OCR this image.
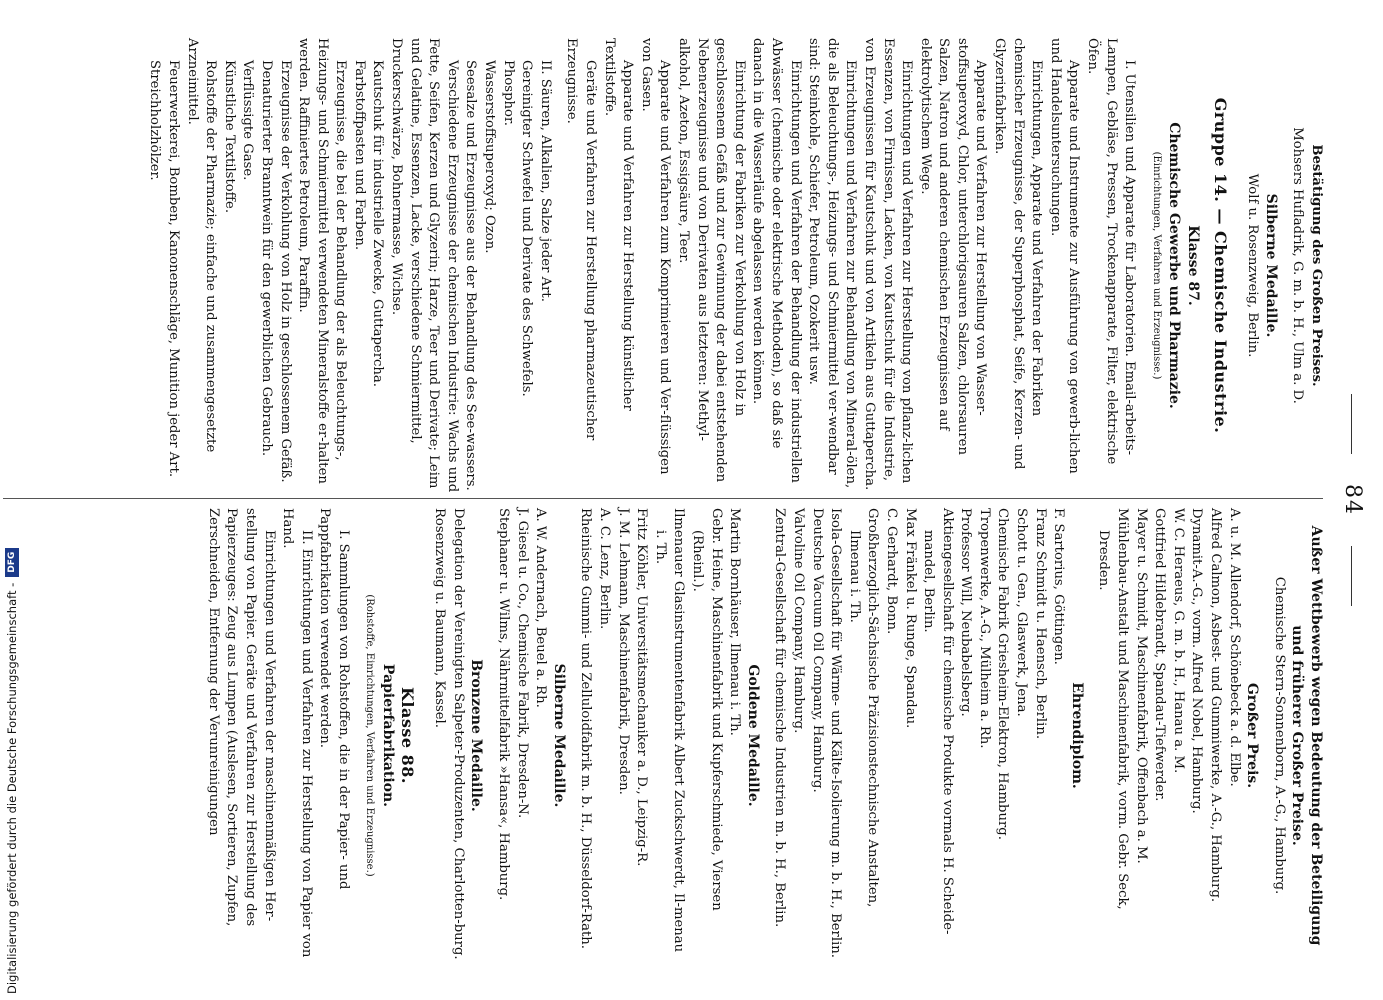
84

Bestätigung des Großen Preises.

Mohsers Hufladrik, G. m. b. H., Ulm a. D.

Silberne Medaille.

Wolf u. Rosenzweig, Berlin.

Gruppe 14. — Chemische Industrie.

Klasse 87.

Chemische Gewerbe und Pharmazie.

(Einrichtungen, Verfahren und Erzeugnisse.)

I. Utensilien und Apparate für Laboratorien. Email-arbeits-Lampen, Gebläse, Pressen, Trockenapparate, Filter, elektrische Öfen.

Apparate und Instrumente zur Ausführung von gewerb-lichen und Handelsuntersuchungen.

Einrichtungen, Apparate und Verfahren der Fabriken chemischer Erzeugnisse, der Superphosphat, Seife, Kerzen- und Glyzerinfabriken.

Apparate und Verfahren zur Herstellung von Wasser-stoffsuperoxyd, Chlor, unterchlorigsauren Salzen, chlorsauren Salzen, Natron und anderen chemischen Erzeugnissen auf elektrolytischem Wege.

Einrichtungen und Verfahren zur Herstellung von pflanz-lichen Essenzen, von Firnissen, Lacken, von Kautschuk für die Industrie, von Erzeugnissen für Kautschuk und von Artikeln aus Guttapercha.

Einrichtungen und Verfahren zur Behandlung von Mineral-ölen, die als Beleuchtungs-, Heizungs- und Schmiermittel ver-wendbar sind: Steinkohle, Schiefer, Petroleum, Ozokerit usw.

Einrichtungen und Verfahren der Behandlung der industriellen Abwässer (chemische oder elektrische Methoden), so daß sie danach in die Wasserläufe abgelassen werden können.

Einrichtung der Fabriken zur Verkohlung von Holz in geschlossenem Gefäß und zur Gewinnung der dabei entstehenden Nebenerzeugnisse und von Derivaten aus letzteren: Methyl-alkohol, Azeton, Essigsäure, Teer.

Apparate und Verfahren zum Komprimieren und Ver-flüssigen von Gasen.

Apparate und Verfahren zur Herstellung künstlicher Textilstoffe.

Geräte und Verfahren zur Herstellung pharmazeutischer Erzeugnisse.

II. Säuren, Alkalien, Salze jeder Art.

Gereinigter Schwefel und Derivate des Schwefels.

Phosphor.

Wasserstoffsuperoxyd; Ozon.

Seesalze und Erzeugnisse aus der Behandlung des See-wassers.

Verschiedene Erzeugnisse der chemischen Industrie: Wachs und Fette, Seifen, Kerzen und Glyzerin; Harze, Teer und Derivate; Leim und Gelatine, Essenzen, Lacke, verschiedene Schmiermittel, Druckerschwärze, Bohnermasse, Wichse.

Kautschuk für industrielle Zwecke, Guttapercha.

Farbstoffpasten und Farben.

Erzeugnisse, die bei der Behandlung der als Beleuchtungs-, Heizungs- und Schmiermittel verwendeten Mineralstoffe er-halten werden. Raffiniertes Petroleum, Paraffin.

Erzeugnisse der Verkohlung von Holz in geschlossenem Gefäß.

Denaturierter Branntwein für den gewerblichen Gebrauch.

Verflüssigte Gase.

Künstliche Textilstoffe.

Rohstoffe der Pharmazie; einfache und zusammengesetzte Arzneimittel.

Feuerwerkerei, Bomben, Kanonenschläge, Munition jeder Art.

Streichholzhölzer.

Außer Wettbewerb wegen Bedeutung der Beteiligung

und früherer Großer Preise.

Chemische Stern-Sonnenborn, A.-G., Hamburg.

Großer Preis.

A. u. M. Allendorf, Schönebeck a. d. Elbe.

Alfred Calmon, Asbest- und Gummiwerke, A.-G., Hamburg.

Dynamit-A.-G., vorm. Alfred Nobel, Hamburg.

W. C. Heraeus, G. m. b. H., Hanau a. M.

Gottfried Hildebrandt, Spandau-Tiefwerder.

Mayer u. Schmidt, Maschinenfabrik, Offenbach a. M.

Mühlenbau-Anstalt und Maschinenfabrik, vorm. Gebr. Seck, Dresden.

Ehrendiplom.

F. Sartorius, Göttingen.

Franz Schmidt u. Haensch, Berlin.

Schott u. Gen., Glaswerk, Jena.

Chemische Fabrik Griesheim-Elektron, Hamburg.

Tropenwerke, A.-G., Mülheim a. Rh.

Professor Will, Neubabelsberg.

Aktiengesellschaft für chemische Produkte vormals H. Scheide-mandel, Berlin.

Max Fränkel u. Runge, Spandau.

C. Gerhardt, Bonn.

Großherzoglich-Sächsische Präzisionstechnische Anstalten, Ilmenau i. Th.

Isola-Gesellschaft für Wärme- und Kälte-Isolierung m. b. H., Berlin.

Deutsche Vacuum Oil Company, Hamburg.

Valvoline Oil Company, Hamburg.

Zentral-Gesellschaft für chemische Industrien m. b. H., Berlin.

Goldene Medaille.

Martin Bornhäuser, Ilmenau i. Th.

Gebr. Heine, Maschinenfabrik und Kupferschmiede, Viersen (Rheinl.).

Ilmenauer Glasinstrumentenfabrik Albert Zuckschwerdt, Il-menau i. Th.

Fritz Köhler, Universitätsmechaniker a. D., Leipzig-R.

J. M. Lehmann, Maschinenfabrik, Dresden.

A. C. Lenz, Berlin.

Rheinische Gummi- und Zelluloidfabrik m. b. H., Düsseldorf-Rath.

Silberne Medaille.

A. W. Andernach, Beuel a. Rh.

J. Giesel u. Co., Chemische Fabrik, Dresden-N.

Stephaner u. Wilms, Nährmittelfabrik »Hansa«, Hamburg.

Bronzene Medaille.

Delegation der Vereinigten Salpeter-Produzenten, Charlotten-burg.

Rosenzweig u. Baumann, Kassel.

Klasse 88.

Papierfabrikation.

(Rohstoffe, Einrichtungen, Verfahren und Erzeugnisse.)

I. Sammlungen von Rohstoffen, die in der Papier- und Pappfabrikation verwendet werden.

II. Einrichtungen und Verfahren zur Herstellung von Papier von Hand.

Einrichtungen und Verfahren der maschinenmäßigen Her-stellung von Papier. Geräte und Verfahren zur Herstellung des Papierzeuges: Zeug aus Lumpen (Auslesen, Sortieren, Zupfen, Zerschneiden, Entfernung der Verunreinigungen

Digitalisierung gefördert durch die Deutsche Forschungsgemeinschaft -
DFG
